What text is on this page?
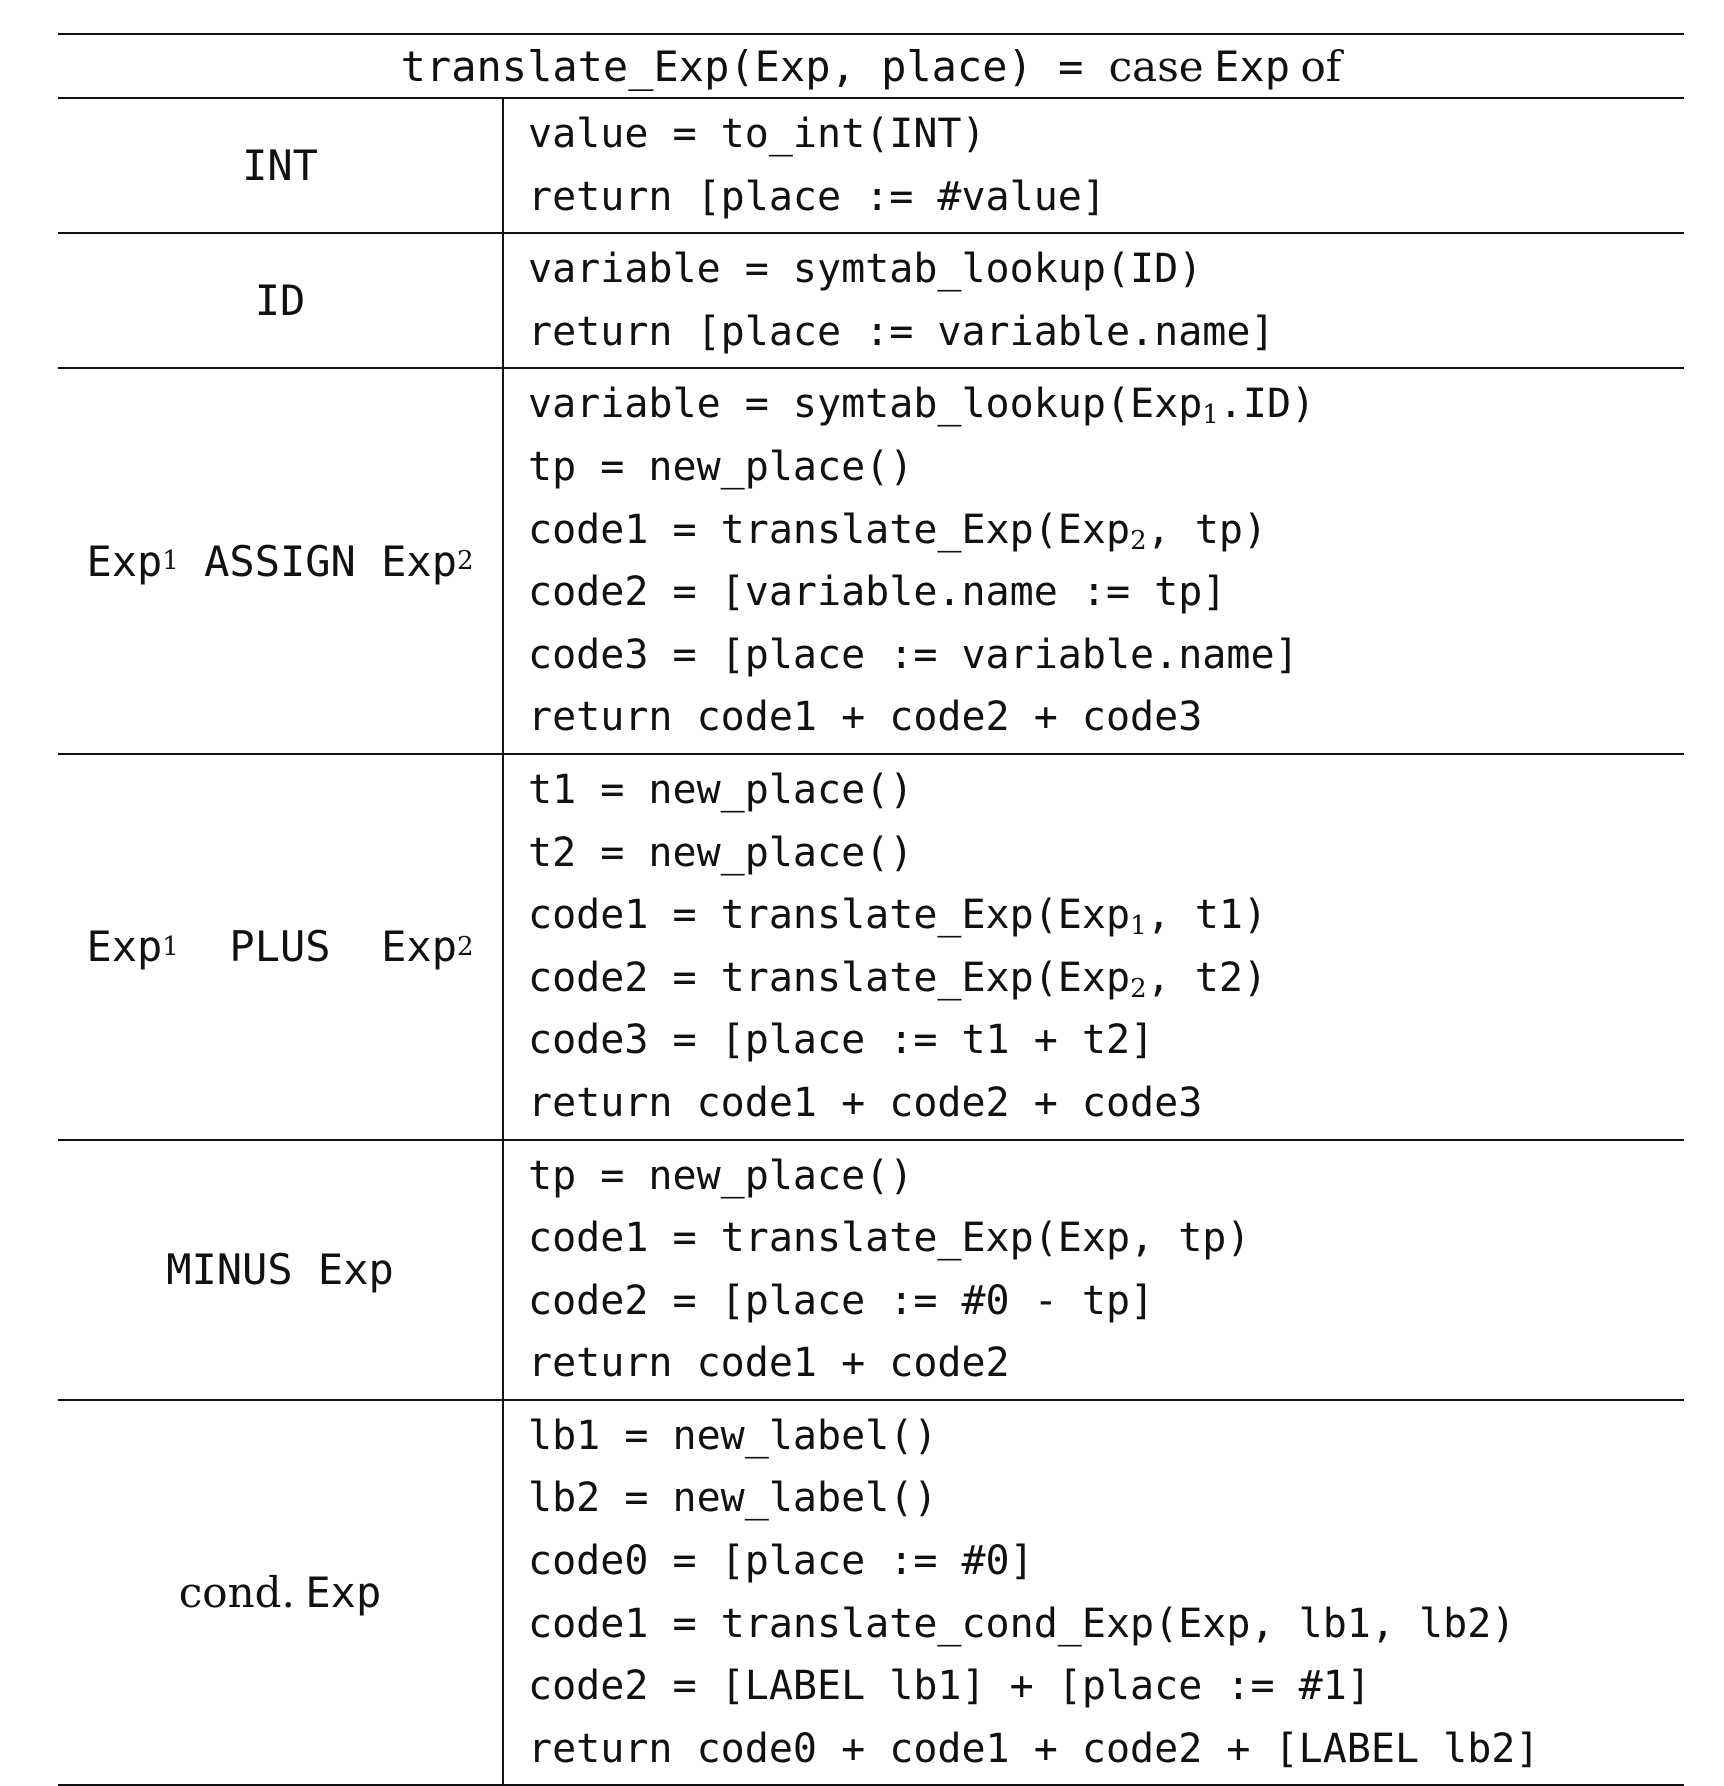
translate_Exp(Exp, place) = case
Exp
of
INT
value = to_int(INT)
return [place := #value]
ID
variable = symtab_lookup(ID)
return [place := variable.name]
Exp 1 ASSIGN Exp 2
variable = symtab_lookup(Exp$_1$.ID)
tp = new_place()
code1 = translate_Exp(Exp$_2$, tp)
code2 = [variable.name := tp]
code3 = [place := variable.name]
return code1 + code2 + code3
Exp 1 PLUS Exp 2
t1 = new_place()
t2 = new_place()
code1 = translate_Exp(Exp$_1$, t1)
code2 = translate_Exp(Exp$_2$, t2)
code3 = [place := t1 + t2]
return code1 + code2 + code3
MINUS Exp
tp = new_place()
code1 = translate_Exp(Exp, tp)
code2 = [place := #0 - tp]
return code1 + code2
cond.
Exp
lb1 = new_label()
lb2 = new_label()
code0 = [place := #0]
code1 = translate_cond_Exp(Exp, lb1, lb2)
code2 = [LABEL lb1] + [place := #1]
return code0 + code1 + code2 + [LABEL lb2]
